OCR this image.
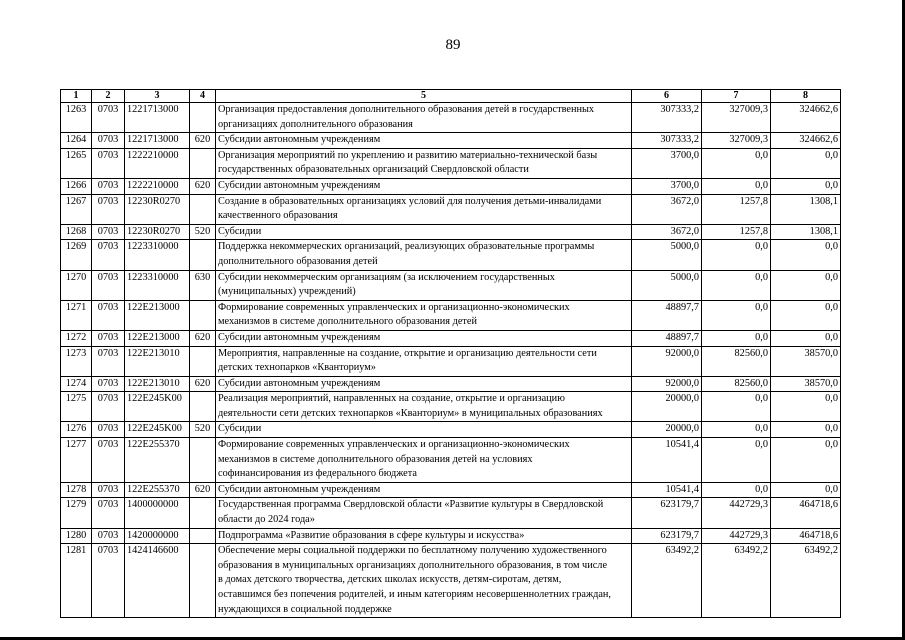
89
1	2	3	4	5	6	7	8
1263	0703	1221713000		Организация предоставления дополнительного образования детей в государственных
организациях дополнительного образования	307333,2	327009,3	324662,6
1264	0703	1221713000	620	Субсидии автономным учреждениям	307333,2	327009,3	324662,6
1265	0703	1222210000		Организация мероприятий по укреплению и развитию материально-технической базы
государственных образовательных организаций Свердловской области	3700,0	0,0	0,0
1266	0703	1222210000	620	Субсидии автономным учреждениям	3700,0	0,0	0,0
1267	0703	12230R0270		Создание в образовательных организациях условий для получения детьми-инвалидами
качественного образования	3672,0	1257,8	1308,1
1268	0703	12230R0270	520	Субсидии	3672,0	1257,8	1308,1
1269	0703	1223310000		Поддержка некоммерческих организаций, реализующих образовательные программы
дополнительного образования детей	5000,0	0,0	0,0
1270	0703	1223310000	630	Субсидии некоммерческим организациям (за исключением государственных
(муниципальных) учреждений)	5000,0	0,0	0,0
1271	0703	122E213000		Формирование современных управленческих и организационно-экономических
механизмов в системе дополнительного образования детей	48897,7	0,0	0,0
1272	0703	122E213000	620	Субсидии автономным учреждениям	48897,7	0,0	0,0
1273	0703	122E213010		Мероприятия, направленные на создание, открытие и организацию деятельности сети
детских технопарков «Кванториум»	92000,0	82560,0	38570,0
1274	0703	122E213010	620	Субсидии автономным учреждениям	92000,0	82560,0	38570,0
1275	0703	122E245K00		Реализация мероприятий, направленных на создание, открытие и организацию
деятельности сети детских технопарков «Кванториум» в муниципальных образованиях	20000,0	0,0	0,0
1276	0703	122E245K00	520	Субсидии	20000,0	0,0	0,0
1277	0703	122E255370		Формирование современных управленческих и организационно-экономических
механизмов в системе дополнительного образования детей на условиях
софинансирования из федерального бюджета	10541,4	0,0	0,0
1278	0703	122E255370	620	Субсидии автономным учреждениям	10541,4	0,0	0,0
1279	0703	1400000000		Государственная программа Свердловской области «Развитие культуры в Свердловской
области до 2024 года»	623179,7	442729,3	464718,6
1280	0703	1420000000		Подпрограмма «Развитие образования в сфере культуры и искусства»	623179,7	442729,3	464718,6
1281	0703	1424146600		Обеспечение меры социальной поддержки по бесплатному получению художественного
образования в муниципальных организациях дополнительного образования, в том числе
в домах детского творчества, детских школах искусств, детям-сиротам, детям,
оставшимся без попечения родителей, и иным категориям несовершеннолетних граждан,
нуждающихся в социальной поддержке	63492,2	63492,2	63492,2
